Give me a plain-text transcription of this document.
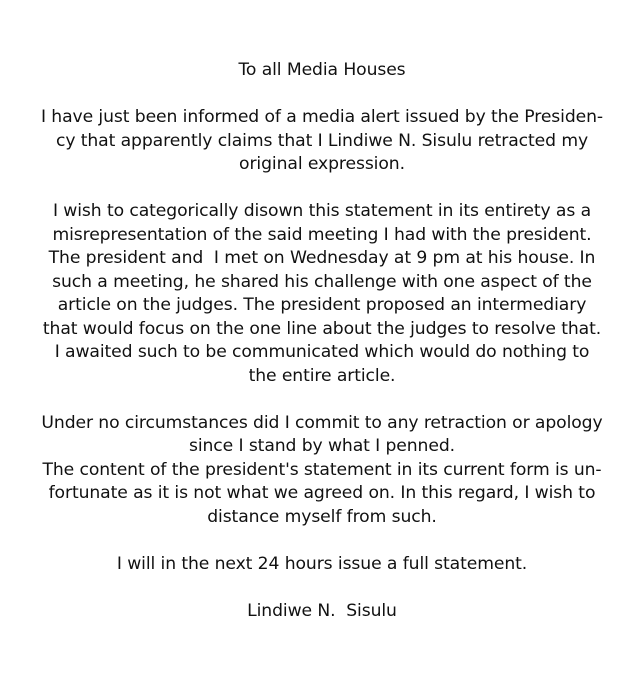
To all Media Houses
I have just been informed of a media alert issued by the Presiden-
cy that apparently claims that I Lindiwe N. Sisulu retracted my
original expression.
I wish to categorically disown this statement in its entirety as a
misrepresentation of the said meeting I had with the president.
The president and  I met on Wednesday at 9 pm at his house. In
such a meeting, he shared his challenge with one aspect of the
article on the judges. The president proposed an intermediary
that would focus on the one line about the judges to resolve that.
I awaited such to be communicated which would do nothing to
the entire article.
Under no circumstances did I commit to any retraction or apology
since I stand by what I penned.
The content of the president's statement in its current form is un-
fortunate as it is not what we agreed on. In this regard, I wish to
distance myself from such.
I will in the next 24 hours issue a full statement.
Lindiwe N.  Sisulu
